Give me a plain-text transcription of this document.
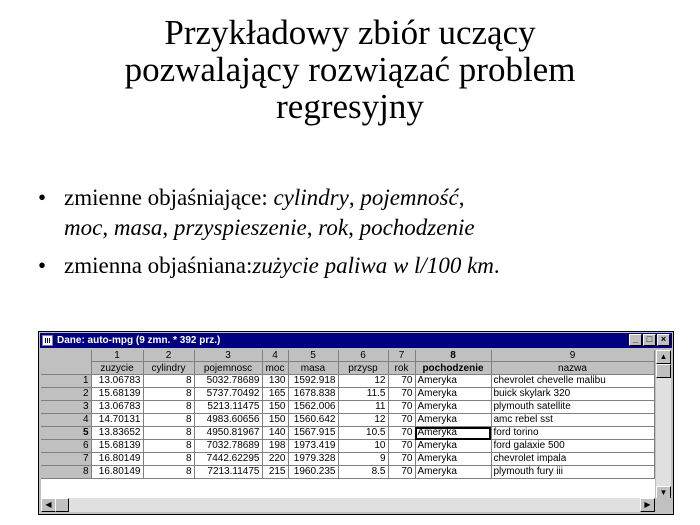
Przykładowy zbiór uczący
pozwalający rozwiązać problem
regresyjny
• zmienne objaśniające: cylindry, pojemność,
moc, masa, przyspieszenie, rok, pochodzenie
• zmienna objaśniana:zużycie paliwa w l/100 km.
Dane: auto-mpg (9 zmn. * 392 prz.)	_ □ ×
	1	2	3	4	5	6	7	8	9
	zuzycie	cylindry	pojemnosc	moc	masa	przysp	rok	pochodzenie	nazwa
1	13.06783	8	5032.78689	130	1592.918	12	70	Ameryka	chevrolet chevelle malibu
2	15.68139	8	5737.70492	165	1678.838	11.5	70	Ameryka	buick skylark 320
3	13.06783	8	5213.11475	150	1562.006	11	70	Ameryka	plymouth satellite
4	14.70131	8	4983.60656	150	1560.642	12	70	Ameryka	amc rebel sst
5	13.83652	8	4950.81967	140	1567.915	10.5	70	Ameryka	ford torino
6	15.68139	8	7032.78689	198	1973.419	10	70	Ameryka	ford galaxie 500
7	16.80149	8	7442.62295	220	1979.328	9	70	Ameryka	chevrolet impala
8	16.80149	8	7213.11475	215	1960.235	8.5	70	Ameryka	plymouth fury iii
▲
▼
◀	▶
